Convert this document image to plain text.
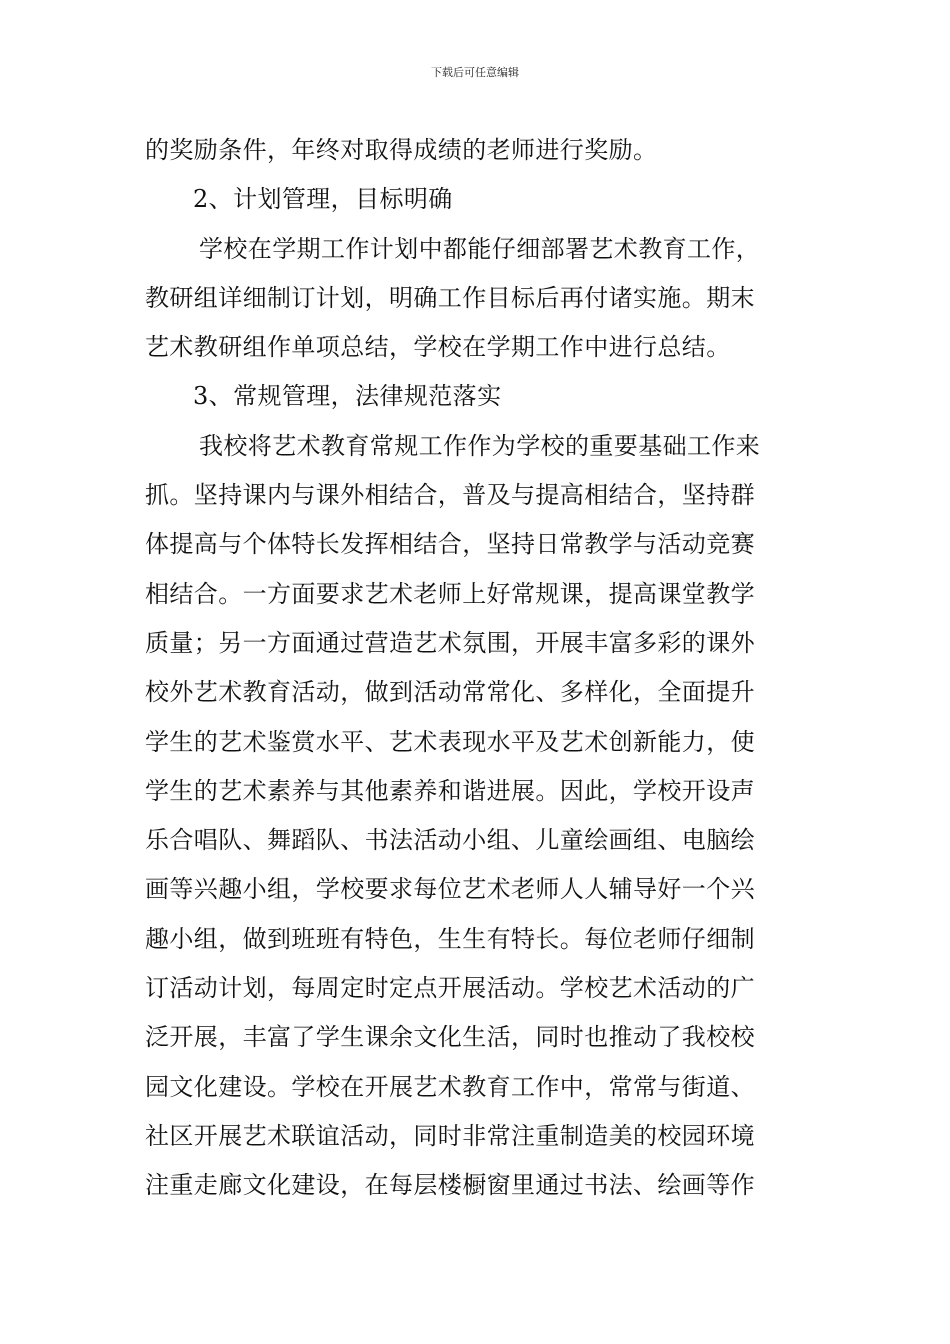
下载后可任意编辑
的奖励条件，年终对取得成绩的老师进行奖励。
2、计划管理，目标明确
学校在学期工作计划中都能仔细部署艺术教育工作，
教研组详细制订计划，明确工作目标后再付诸实施。期末
艺术教研组作单项总结，学校在学期工作中进行总结。
3、常规管理，法律规范落实
我校将艺术教育常规工作作为学校的重要基础工作来
抓。坚持课内与课外相结合，普及与提高相结合，坚持群
体提高与个体特长发挥相结合，坚持日常教学与活动竞赛
相结合。一方面要求艺术老师上好常规课，提高课堂教学
质量；另一方面通过营造艺术氛围，开展丰富多彩的课外
校外艺术教育活动，做到活动常常化、多样化，全面提升
学生的艺术鉴赏水平、艺术表现水平及艺术创新能力，使
学生的艺术素养与其他素养和谐进展。因此，学校开设声
乐合唱队、舞蹈队、书法活动小组、儿童绘画组、电脑绘
画等兴趣小组，学校要求每位艺术老师人人辅导好一个兴
趣小组，做到班班有特色，生生有特长。每位老师仔细制
订活动计划，每周定时定点开展活动。学校艺术活动的广
泛开展，丰富了学生课余文化生活，同时也推动了我校校
园文化建设。学校在开展艺术教育工作中，常常与街道、
社区开展艺术联谊活动，同时非常注重制造美的校园环境
注重走廊文化建设，在每层楼橱窗里通过书法、绘画等作
